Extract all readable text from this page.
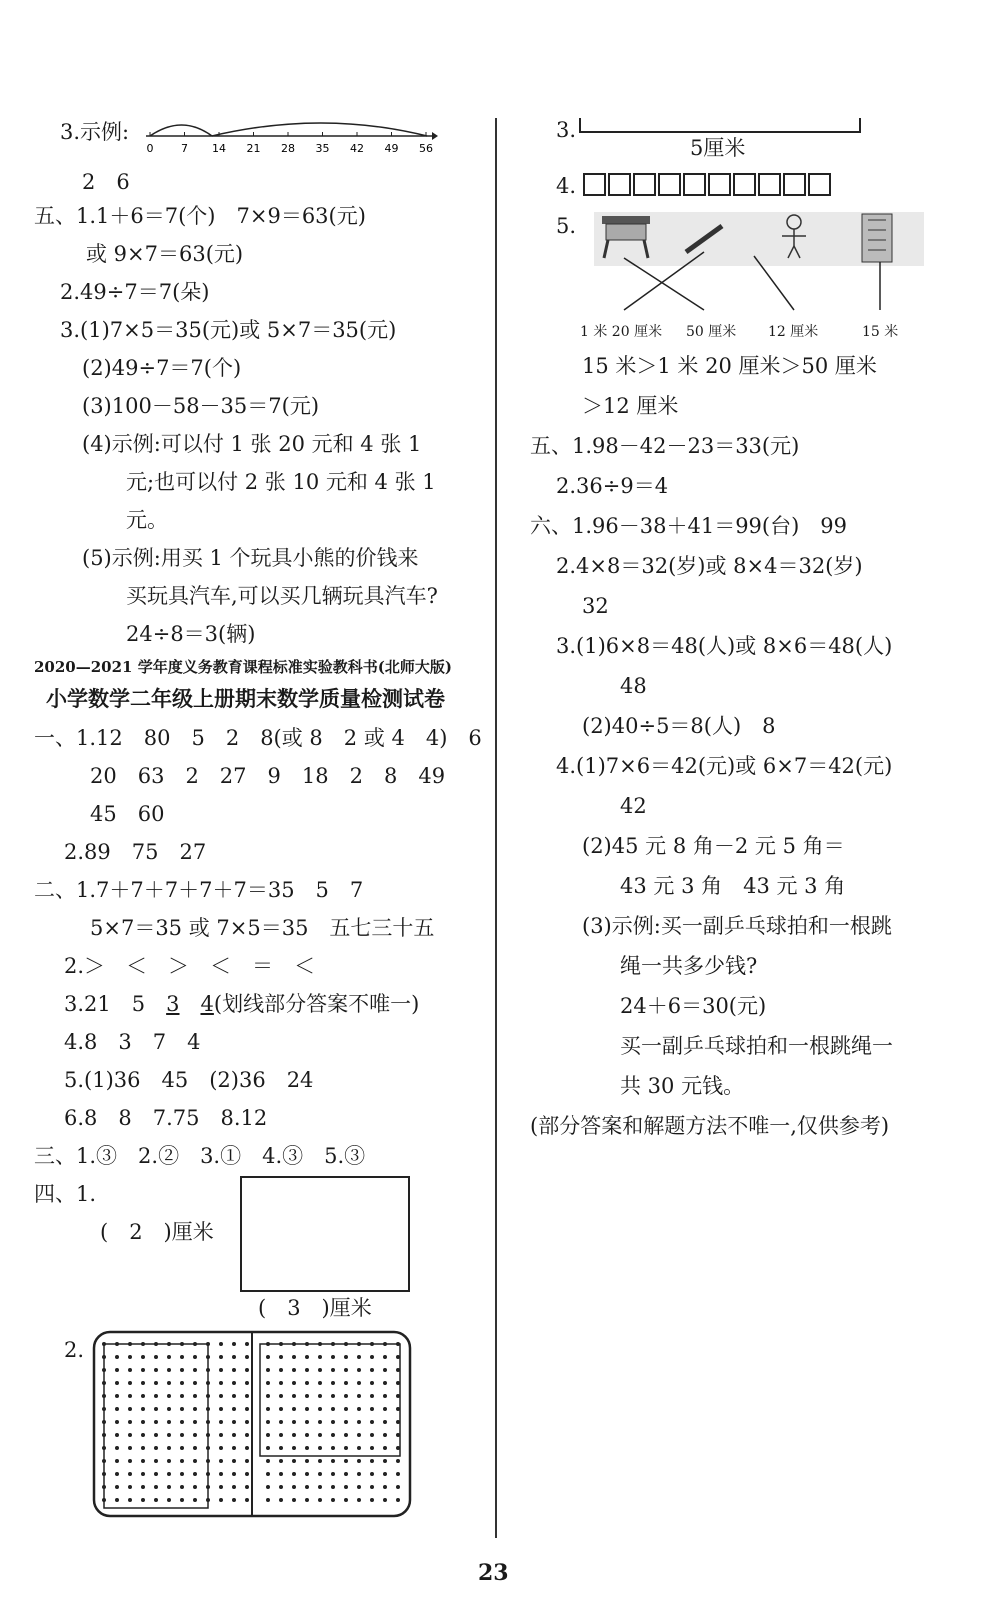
3.示例:
0	7 14 21 28 35 42 49 56
2　6
五、1.1＋6＝7(个)　7×9＝63(元)
或 9×7＝63(元)
2.49÷7＝7(朵)
3.(1)7×5＝35(元)或 5×7＝35(元)
(2)49÷7＝7(个)
(3)100－58－35＝7(元)
(4)示例:可以付 1 张 20 元和 4 张 1
元;也可以付 2 张 10 元和 4 张 1
元。
(5)示例:用买 1 个玩具小熊的价钱来
买玩具汽车,可以买几辆玩具汽车?
24÷8＝3(辆)
2020—2021 学年度义务教育课程标准实验教科书(北师大版)
小学数学二年级上册期末数学质量检测试卷
一、1.12　80　5　2　8(或 8　2 或 4　4)　6
20　63　2　27　9　18　2　8　49
45　60
2.89　75　27
二、1.7＋7＋7＋7＋7＝35　5　7
5×7＝35 或 7×5＝35　五七三十五
2.＞　＜　＞　＜　＝　＜
3.21　5　3　 4(划线部分答案不唯一)
4.8　3　7　4
5.(1)36　45　(2)36　24
6.8　8　7.75　8.12
三、1.③　2.②　3.①　4.③　5.③
四、1.
(　2　)厘米
(　3　)厘米
2.
3.
5厘米
4.
5.
1 米 20 厘米 50 厘米 12 厘米	15 米
15 米＞1 米 20 厘米＞50 厘米
＞12 厘米
五、1.98－42－23＝33(元)
2.36÷9＝4
六、1.96－38＋41＝99(台)　99
2.4×8＝32(岁)或 8×4＝32(岁)
32
3.(1)6×8＝48(人)或 8×6＝48(人)
48
(2)40÷5＝8(人)　8
4.(1)7×6＝42(元)或 6×7＝42(元)
42
(2)45 元 8 角－2 元 5 角＝
43 元 3 角　43 元 3 角
(3)示例:买一副乒乓球拍和一根跳
绳一共多少钱?
24＋6＝30(元)
买一副乒乓球拍和一根跳绳一
共 30 元钱。
(部分答案和解题方法不唯一,仅供参考)
23
